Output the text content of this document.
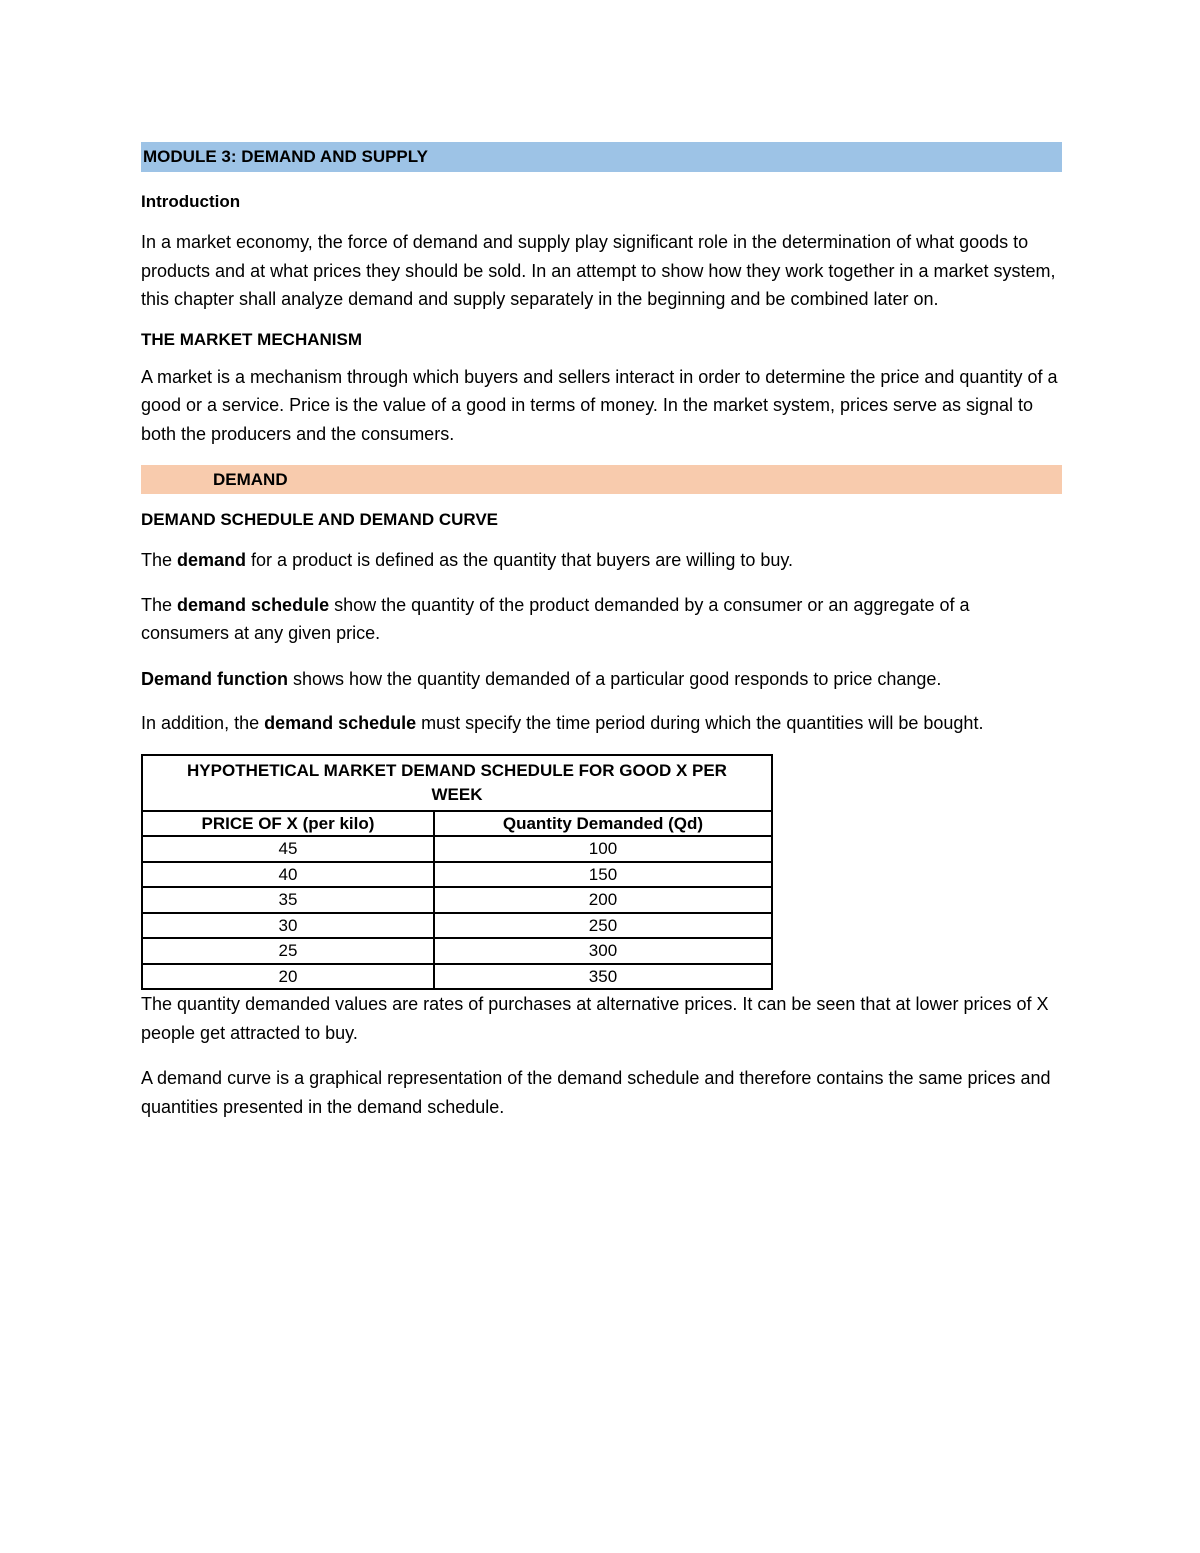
MODULE 3: DEMAND AND SUPPLY
Introduction

In a market economy, the force of demand and supply play significant role in the determination of what goods to products and at what prices they should be sold. In an attempt to show how they work together in a market system, this chapter shall analyze demand and supply separately in the beginning and be combined later on.

THE MARKET MECHANISM

A market is a mechanism through which buyers and sellers interact in order to determine the price and quantity of a good or a service. Price is the value of a good in terms of money. In the market system, prices serve as signal to both the producers and the consumers.

DEMAND
DEMAND SCHEDULE AND DEMAND CURVE

The demand for a product is defined as the quantity that buyers are willing to buy.

The demand schedule show the quantity of the product demanded by a consumer or an aggregate of a consumers at any given price.

Demand function shows how the quantity demanded of a particular good responds to price change.

In addition, the demand schedule must specify the time period during which the quantities will be bought.

HYPOTHETICAL MARKET DEMAND SCHEDULE FOR GOOD X PER WEEK	
PRICE OF X (per kilo)	Quantity Demanded (Qd)
45	100
40	150
35	200
30	250
25	300
20	350

The quantity demanded values are rates of purchases at alternative prices. It can be seen that at lower prices of X people get attracted to buy.

A demand curve is a graphical representation of the demand schedule and therefore contains the same prices and quantities presented in the demand schedule.
